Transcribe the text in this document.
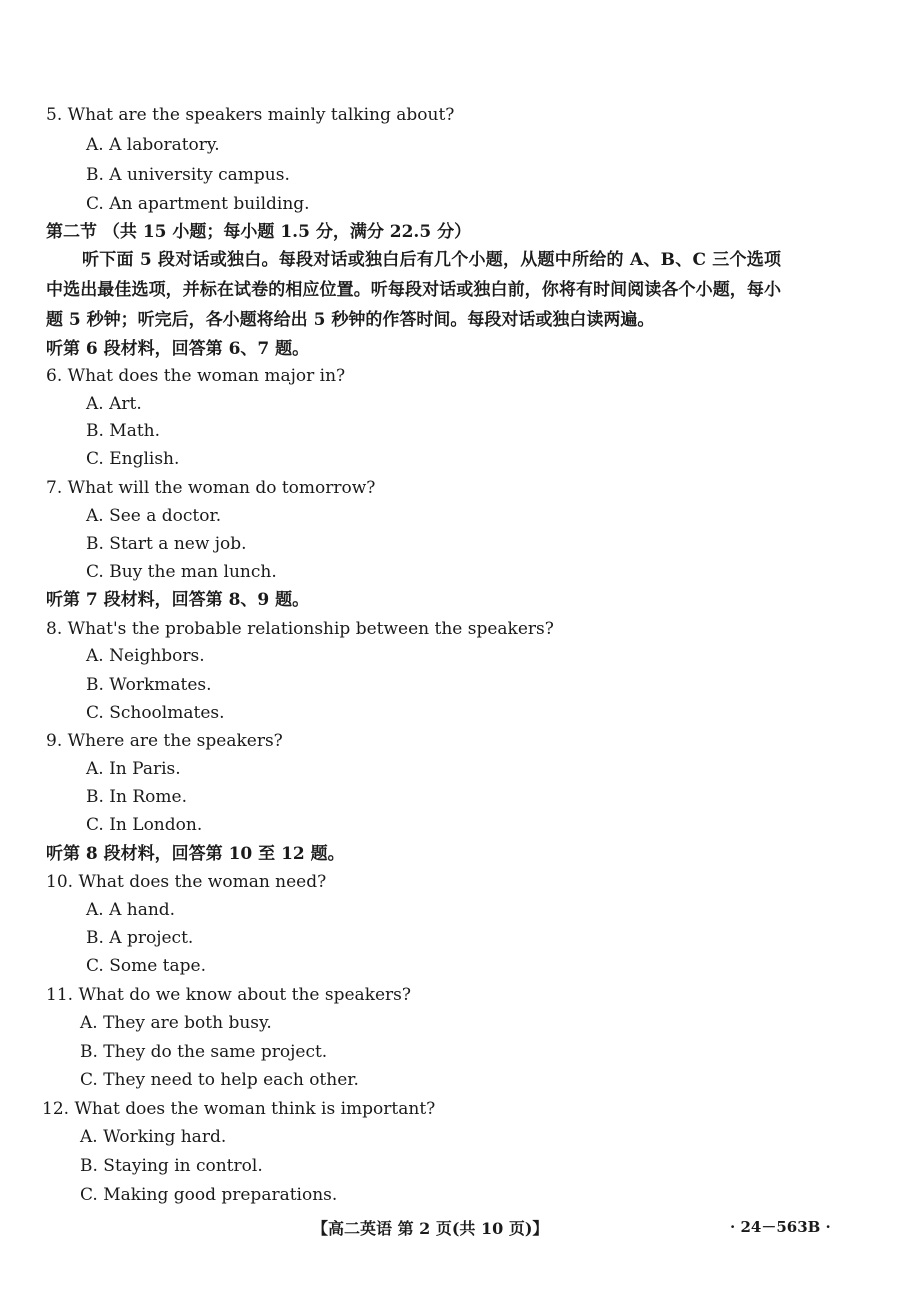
5. What are the speakers mainly talking about?
A. A laboratory.
B. A university campus.
C. An apartment building.
第二节 （共 15 小题；每小题 1.5 分，满分 22.5 分）
听下面 5 段对话或独白。每段对话或独白后有几个小题，从题中所给的 A、B、C 三个选项中选出最佳选项，并标在试卷的相应位置。听每段对话或独白前，你将有时间阅读各个小题，每小题 5 秒钟；听完后，各小题将给出 5 秒钟的作答时间。每段对话或独白读两遍。
听第 6 段材料，回答第 6、7 题。
6. What does the woman major in?
A. Art.
B. Math.
C. English.
7. What will the woman do tomorrow?
A. See a doctor.
B. Start a new job.
C. Buy the man lunch.
听第 7 段材料，回答第 8、9 题。
8. What's the probable relationship between the speakers?
A. Neighbors.
B. Workmates.
C. Schoolmates.
9. Where are the speakers?
A. In Paris.
B. In Rome.
C. In London.
听第 8 段材料，回答第 10 至 12 题。
10. What does the woman need?
A. A hand.
B. A project.
C. Some tape.
11. What do we know about the speakers?
A. They are both busy.
B. They do the same project.
C. They need to help each other.
12. What does the woman think is important?
A. Working hard.
B. Staying in control.
C. Making good preparations.
【高二英语 第 2 页(共 10 页)】	· 24－563B ·
